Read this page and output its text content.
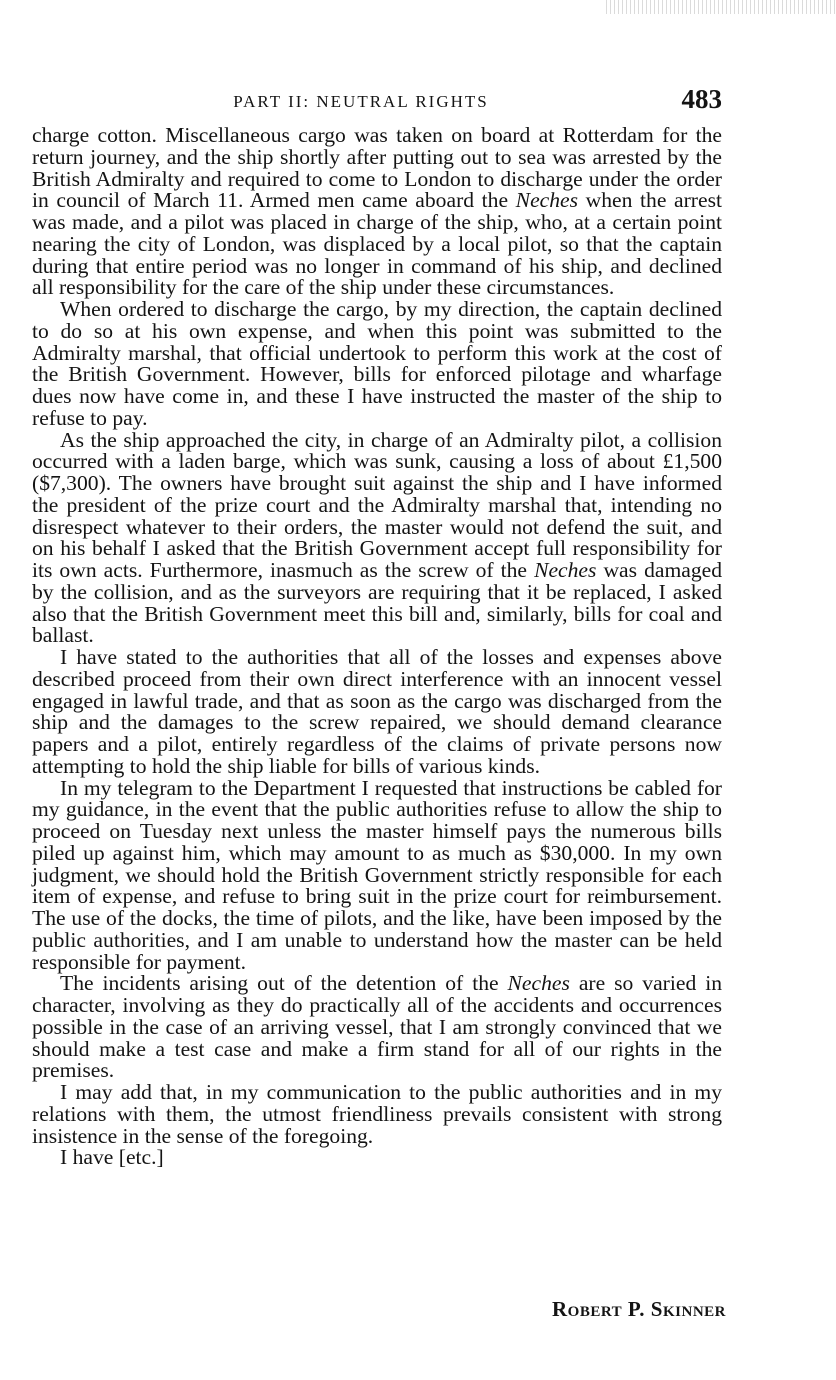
PART II: NEUTRAL RIGHTS	483

charge cotton. Miscellaneous cargo was taken on board at Rotterdam for the return journey, and the ship shortly after putting out to sea was arrested by the British Admiralty and required to come to London to discharge under the order in council of March 11. Armed men came aboard the Neches when the arrest was made, and a pilot was placed in charge of the ship, who, at a certain point nearing the city of London, was displaced by a local pilot, so that the captain during that entire period was no longer in command of his ship, and declined all responsibility for the care of the ship under these circumstances.

When ordered to discharge the cargo, by my direction, the captain declined to do so at his own expense, and when this point was submitted to the Admiralty marshal, that official undertook to perform this work at the cost of the British Government. However, bills for enforced pilotage and wharfage dues now have come in, and these I have instructed the master of the ship to refuse to pay.

As the ship approached the city, in charge of an Admiralty pilot, a collision occurred with a laden barge, which was sunk, causing a loss of about £1,500 ($7,300). The owners have brought suit against the ship and I have informed the president of the prize court and the Admiralty marshal that, intending no disrespect whatever to their orders, the master would not defend the suit, and on his behalf I asked that the British Government accept full responsibility for its own acts. Furthermore, inasmuch as the screw of the Neches was damaged by the collision, and as the surveyors are requiring that it be replaced, I asked also that the British Government meet this bill and, similarly, bills for coal and ballast.

I have stated to the authorities that all of the losses and expenses above described proceed from their own direct interference with an innocent vessel engaged in lawful trade, and that as soon as the cargo was discharged from the ship and the damages to the screw repaired, we should demand clearance papers and a pilot, entirely regardless of the claims of private persons now attempting to hold the ship liable for bills of various kinds.

In my telegram to the Department I requested that instructions be cabled for my guidance, in the event that the public authorities refuse to allow the ship to proceed on Tuesday next unless the master himself pays the numerous bills piled up against him, which may amount to as much as $30,000. In my own judgment, we should hold the British Government strictly responsible for each item of expense, and refuse to bring suit in the prize court for reimbursement. The use of the docks, the time of pilots, and the like, have been imposed by the public authorities, and I am unable to understand how the master can be held responsible for payment.

The incidents arising out of the detention of the Neches are so varied in character, involving as they do practically all of the accidents and occurrences possible in the case of an arriving vessel, that I am strongly convinced that we should make a test case and make a firm stand for all of our rights in the premises.

I may add that, in my communication to the public authorities and in my relations with them, the utmost friendliness prevails consistent with strong insistence in the sense of the foregoing.

I have [etc.]

Robert P. Skinner
